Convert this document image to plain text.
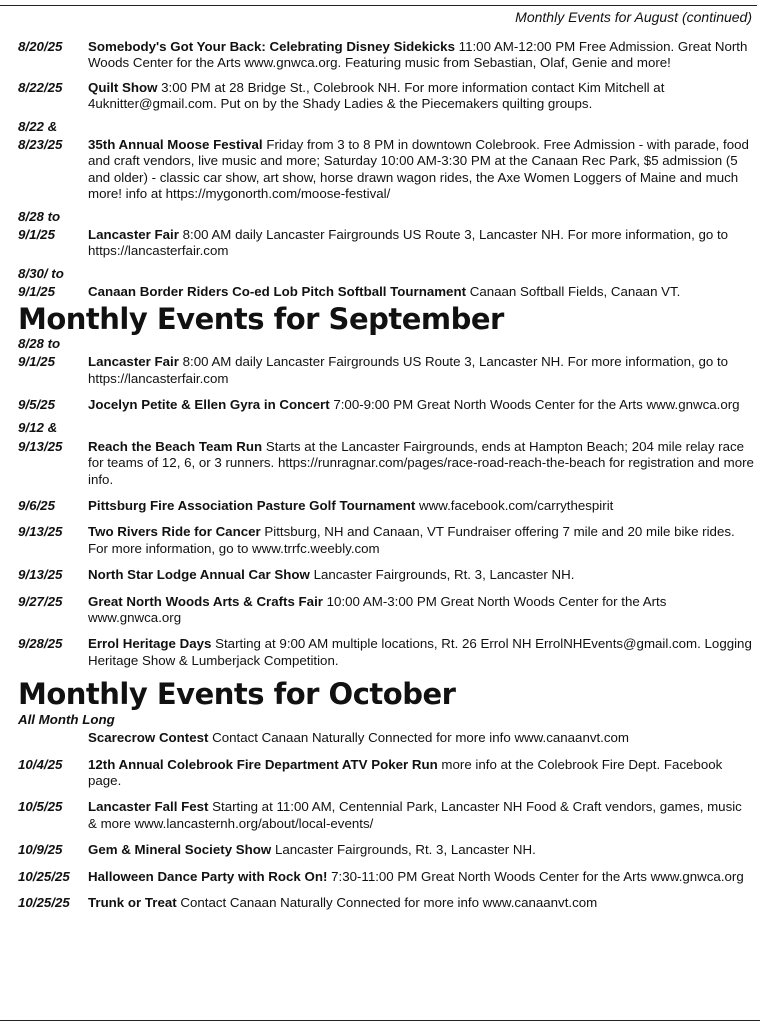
Monthly Events for August (continued)
8/20/25	Somebody's Got Your Back: Celebrating Disney Sidekicks 11:00 AM-12:00 PM Free Admission. Great North Woods Center for the Arts www.gnwca.org. Featuring music from Sebastian, Olaf, Genie and more!
8/22/25	Quilt Show 3:00 PM at 28 Bridge St., Colebrook NH. For more information contact Kim Mitchell at 4uknitter@gmail.com. Put on by the Shady Ladies & the Piecemakers quilting groups.
8/22 &
8/23/25	35th Annual Moose Festival Friday from 3 to 8 PM in downtown Colebrook. Free Admission - with parade, food and craft vendors, live music and more; Saturday 10:00 AM-3:30 PM at the Canaan Rec Park, $5 admission (5 and older) - classic car show, art show, horse drawn wagon rides, the Axe Women Loggers of Maine and much more! info at https://mygonorth.com/moose-festival/
8/28 to
9/1/25	Lancaster Fair 8:00 AM daily Lancaster Fairgrounds US Route 3, Lancaster NH. For more information, go to https://lancasterfair.com
8/30/ to
9/1/25	Canaan Border Riders Co-ed Lob Pitch Softball Tournament Canaan Softball Fields, Canaan VT.
Monthly Events for September
8/28 to
9/1/25	Lancaster Fair 8:00 AM daily Lancaster Fairgrounds US Route 3, Lancaster NH. For more information, go to https://lancasterfair.com
9/5/25	Jocelyn Petite & Ellen Gyra in Concert 7:00-9:00 PM Great North Woods Center for the Arts www.gnwca.org
9/12 &
9/13/25	Reach the Beach Team Run Starts at the Lancaster Fairgrounds, ends at Hampton Beach; 204 mile relay race for teams of 12, 6, or 3 runners. https://runragnar.com/pages/race-road-reach-the-beach for registration and more info.
9/6/25	Pittsburg Fire Association Pasture Golf Tournament www.facebook.com/carrythespirit
9/13/25	Two Rivers Ride for Cancer Pittsburg, NH and Canaan, VT Fundraiser offering 7 mile and 20 mile bike rides. For more information, go to www.trrfc.weebly.com
9/13/25	North Star Lodge Annual Car Show Lancaster Fairgrounds, Rt. 3, Lancaster NH.
9/27/25	Great North Woods Arts & Crafts Fair 10:00 AM-3:00 PM Great North Woods Center for the Arts www.gnwca.org
9/28/25	Errol Heritage Days Starting at 9:00 AM multiple locations, Rt. 26 Errol NH ErrolNHEvents@gmail.com. Logging Heritage Show & Lumberjack Competition.
Monthly Events for October
All Month Long
Scarecrow Contest Contact Canaan Naturally Connected for more info www.canaanvt.com
10/4/25	12th Annual Colebrook Fire Department ATV Poker Run more info at the Colebrook Fire Dept. Facebook page.
10/5/25	Lancaster Fall Fest Starting at 11:00 AM, Centennial Park, Lancaster NH Food & Craft vendors, games, music & more www.lancasternh.org/about/local-events/
10/9/25	Gem & Mineral Society Show Lancaster Fairgrounds, Rt. 3, Lancaster NH.
10/25/25	Halloween Dance Party with Rock On! 7:30-11:00 PM Great North Woods Center for the Arts www.gnwca.org
10/25/25	Trunk or Treat Contact Canaan Naturally Connected for more info www.canaanvt.com
